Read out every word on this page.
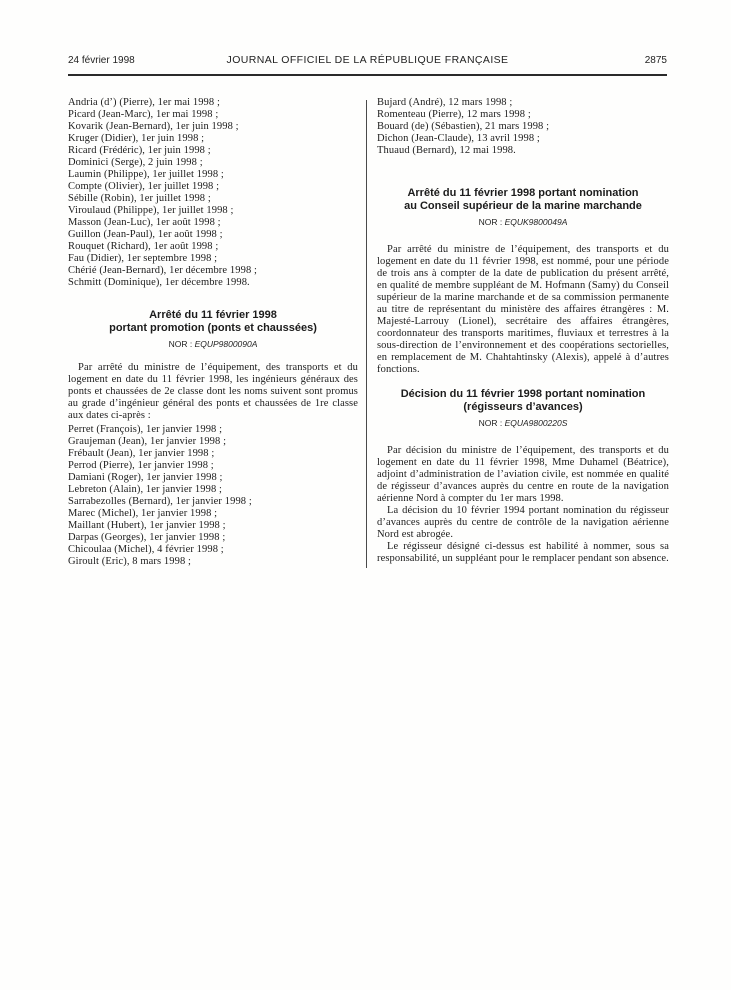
24 février 1998	JOURNAL OFFICIEL DE LA RÉPUBLIQUE FRANÇAISE	2875
Andria (d’) (Pierre), 1er mai 1998 ;
Picard (Jean-Marc), 1er mai 1998 ;
Kovarik (Jean-Bernard), 1er juin 1998 ;
Kruger (Didier), 1er juin 1998 ;
Ricard (Frédéric), 1er juin 1998 ;
Dominici (Serge), 2 juin 1998 ;
Laumin (Philippe), 1er juillet 1998 ;
Compte (Olivier), 1er juillet 1998 ;
Sébille (Robin), 1er juillet 1998 ;
Viroulaud (Philippe), 1er juillet 1998 ;
Masson (Jean-Luc), 1er août 1998 ;
Guillon (Jean-Paul), 1er août 1998 ;
Rouquet (Richard), 1er août 1998 ;
Fau (Didier), 1er septembre 1998 ;
Chérié (Jean-Bernard), 1er décembre 1998 ;
Schmitt (Dominique), 1er décembre 1998.
Arrêté du 11 février 1998
portant promotion (ponts et chaussées)
NOR : EQUP9800090A

Par arrêté du ministre de l’équipement, des transports et du logement en date du 11 février 1998, les ingénieurs généraux des ponts et chaussées de 2e classe dont les noms suivent sont promus au grade d’ingénieur général des ponts et chaussées de 1re classe aux dates ci-après :

Perret (François), 1er janvier 1998 ;
Graujeman (Jean), 1er janvier 1998 ;
Frébault (Jean), 1er janvier 1998 ;
Perrod (Pierre), 1er janvier 1998 ;
Damiani (Roger), 1er janvier 1998 ;
Lebreton (Alain), 1er janvier 1998 ;
Sarrabezolles (Bernard), 1er janvier 1998 ;
Marec (Michel), 1er janvier 1998 ;
Maillant (Hubert), 1er janvier 1998 ;
Darpas (Georges), 1er janvier 1998 ;
Chicoulaa (Michel), 4 février 1998 ;
Giroult (Eric), 8 mars 1998 ;
Bujard (André), 12 mars 1998 ;
Romenteau (Pierre), 12 mars 1998 ;
Bouard (de) (Sébastien), 21 mars 1998 ;
Dichon (Jean-Claude), 13 avril 1998 ;
Thuaud (Bernard), 12 mai 1998.
Arrêté du 11 février 1998 portant nomination
au Conseil supérieur de la marine marchande
NOR : EQUK9800049A

Par arrêté du ministre de l’équipement, des transports et du logement en date du 11 février 1998, est nommé, pour une période de trois ans à compter de la date de publication du présent arrêté, en qualité de membre suppléant de M. Hofmann (Samy) du Conseil supérieur de la marine marchande et de sa commission permanente au titre de représentant du ministère des affaires étrangères : M. Majesté-Larrouy (Lionel), secrétaire des affaires étrangères, coordonnateur des transports maritimes, fluviaux et terrestres à la sous-direction de l’environnement et des coopérations sectorielles, en remplacement de M. Chahtahtinsky (Alexis), appelé à d’autres fonctions.

Décision du 11 février 1998 portant nomination
(régisseurs d’avances)
NOR : EQUA9800220S

Par décision du ministre de l’équipement, des transports et du logement en date du 11 février 1998, Mme Duhamel (Béatrice), adjoint d’administration de l’aviation civile, est nommée en qualité de régisseur d’avances auprès du centre en route de la navigation aérienne Nord à compter du 1er mars 1998.

La décision du 10 février 1994 portant nomination du régisseur d’avances auprès du centre de contrôle de la navigation aérienne Nord est abrogée.

Le régisseur désigné ci-dessus est habilité à nommer, sous sa responsabilité, un suppléant pour le remplacer pendant son absence.
